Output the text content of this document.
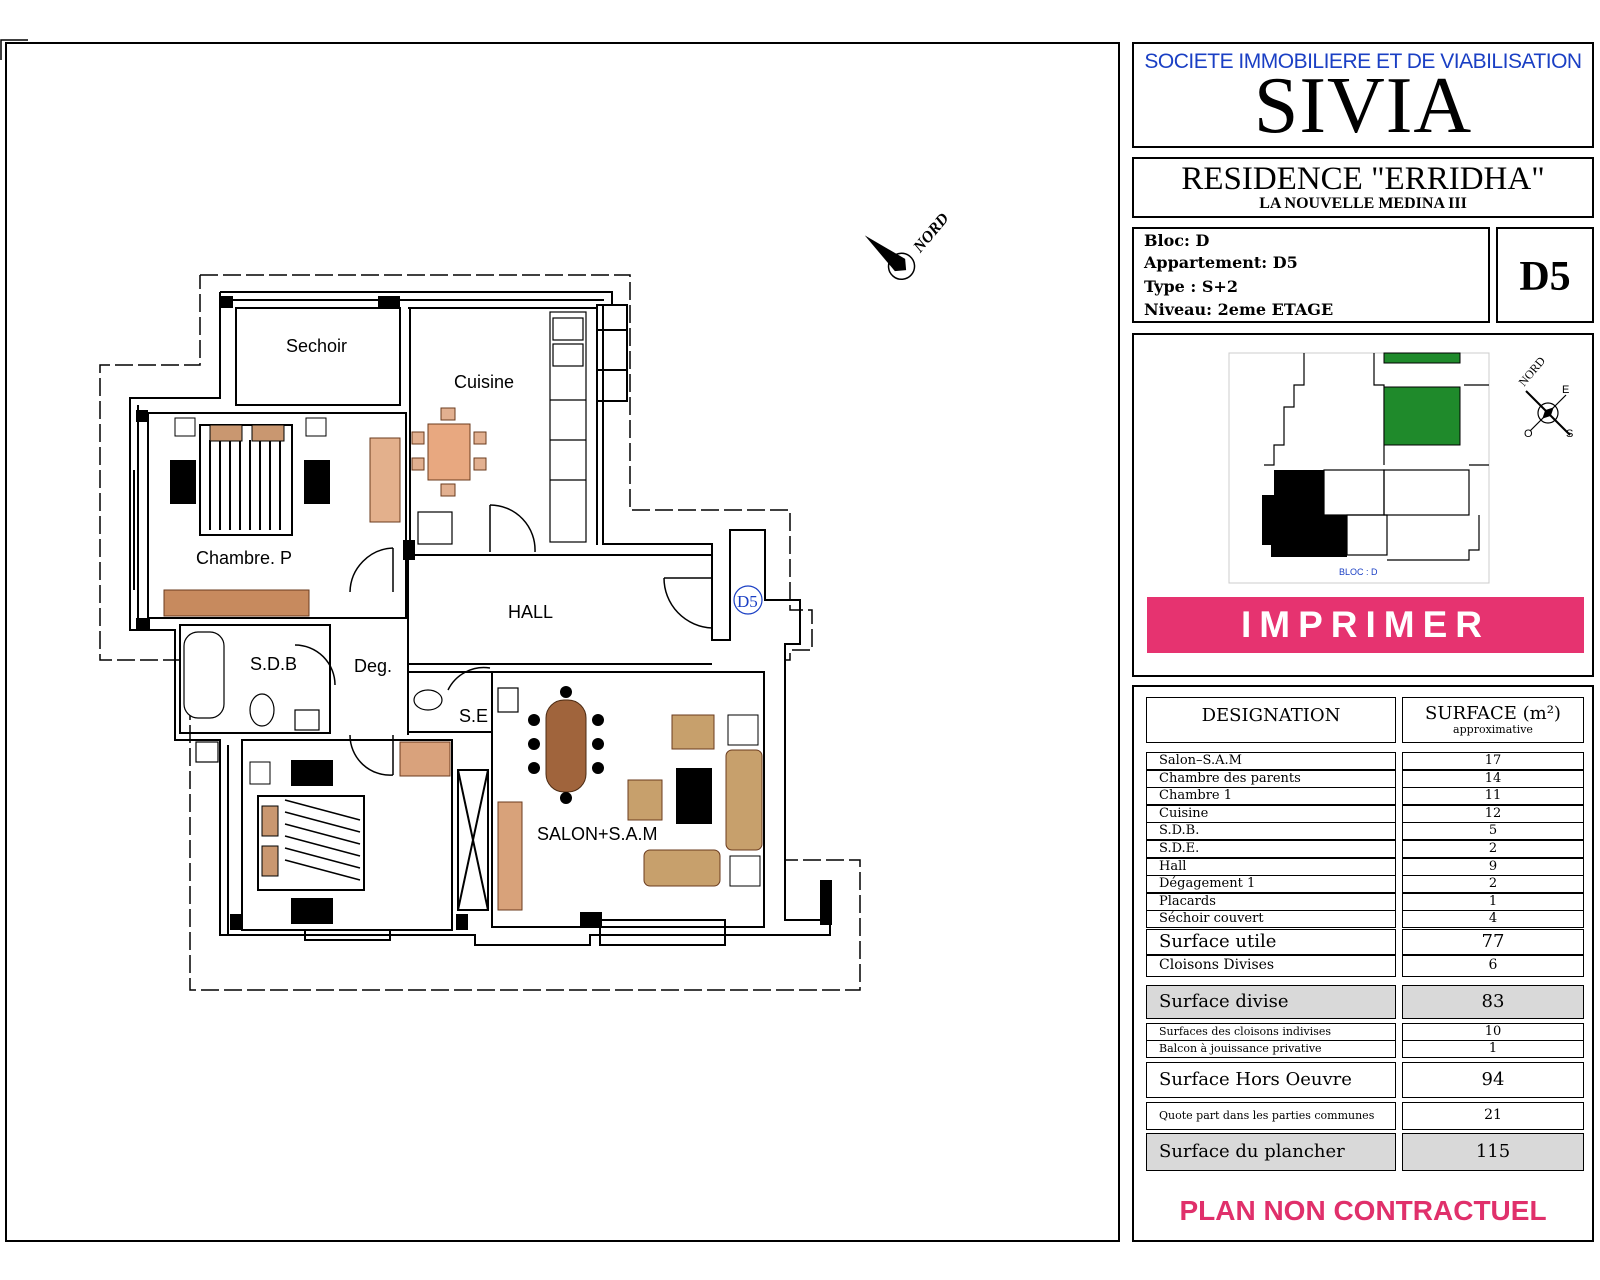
Sechoir
Cuisine
Chambre. P
HALL
S.D.B	Deg.
S.E
SALON+S.A.M
D5
NORD
SOCIETE IMMOBILIERE ET DE VIABILISATION
SIVIA
RESIDENCE "ERRIDHA"
LA NOUVELLE MEDINA III
Bloc: D
Appartement: D5
Type : S+2
Niveau: 2eme ETAGE
D5
BLOC : D
NORD
E
S
O
IMPRIMER
DESIGNATION	SURFACE (m²)
approximative
Salon–S.A.M	17
Chambre des parents	14
Chambre 1	11
Cuisine	12
S.D.B.	5
S.D.E.	2
Hall	9
Dégagement 1	2
Placards	1
Séchoir couvert	4
Surface utile	77
Cloisons Divises	6
Surface divise	83
Surfaces des cloisons indivises	10
Balcon à jouissance privative	1
Surface Hors Oeuvre	94
Quote part dans les parties communes	21
Surface du plancher	115
PLAN NON CONTRACTUEL
